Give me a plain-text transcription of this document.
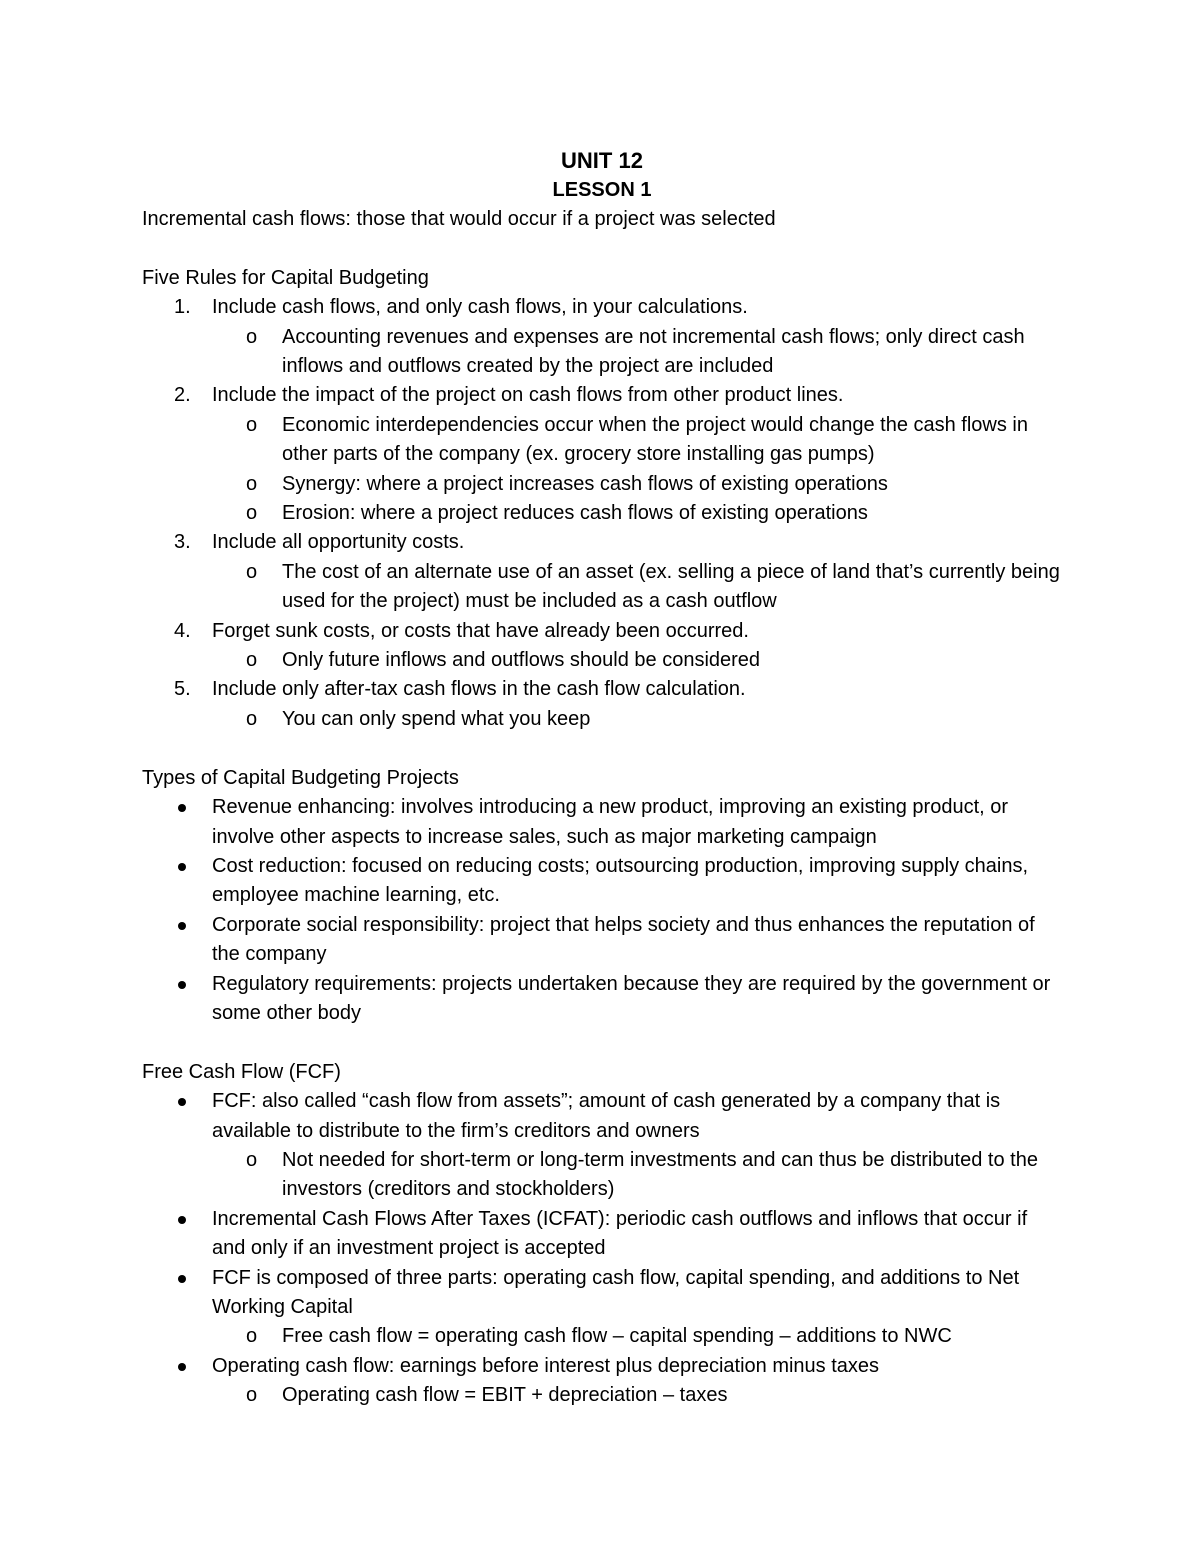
UNIT 12
LESSON 1

Incremental cash flows: those that would occur if a project was selected

Five Rules for Capital Budgeting

1. Include cash flows, and only cash flows, in your calculations.
o Accounting revenues and expenses are not incremental cash flows; only direct cash inflows and outflows created by the project are included
2. Include the impact of the project on cash flows from other product lines.
o Economic interdependencies occur when the project would change the cash flows in other parts of the company (ex. grocery store installing gas pumps)
o Synergy: where a project increases cash flows of existing operations
o Erosion: where a project reduces cash flows of existing operations
3. Include all opportunity costs.
o The cost of an alternate use of an asset (ex. selling a piece of land that’s currently being used for the project) must be included as a cash outflow
4. Forget sunk costs, or costs that have already been occurred.
o Only future inflows and outflows should be considered
5. Include only after-tax cash flows in the cash flow calculation.
o You can only spend what you keep

Types of Capital Budgeting Projects

Revenue enhancing: involves introducing a new product, improving an existing product, or involve other aspects to increase sales, such as major marketing campaign
Cost reduction: focused on reducing costs; outsourcing production, improving supply chains, employee machine learning, etc.
Corporate social responsibility: project that helps society and thus enhances the reputation of the company
Regulatory requirements: projects undertaken because they are required by the government or some other body

Free Cash Flow (FCF)

FCF: also called “cash flow from assets”; amount of cash generated by a company that is available to distribute to the firm’s creditors and owners
o Not needed for short-term or long-term investments and can thus be distributed to the investors (creditors and stockholders)
Incremental Cash Flows After Taxes (ICFAT): periodic cash outflows and inflows that occur if and only if an investment project is accepted
FCF is composed of three parts: operating cash flow, capital spending, and additions to Net Working Capital
o Free cash flow = operating cash flow – capital spending – additions to NWC
Operating cash flow: earnings before interest plus depreciation minus taxes
o Operating cash flow = EBIT + depreciation – taxes
